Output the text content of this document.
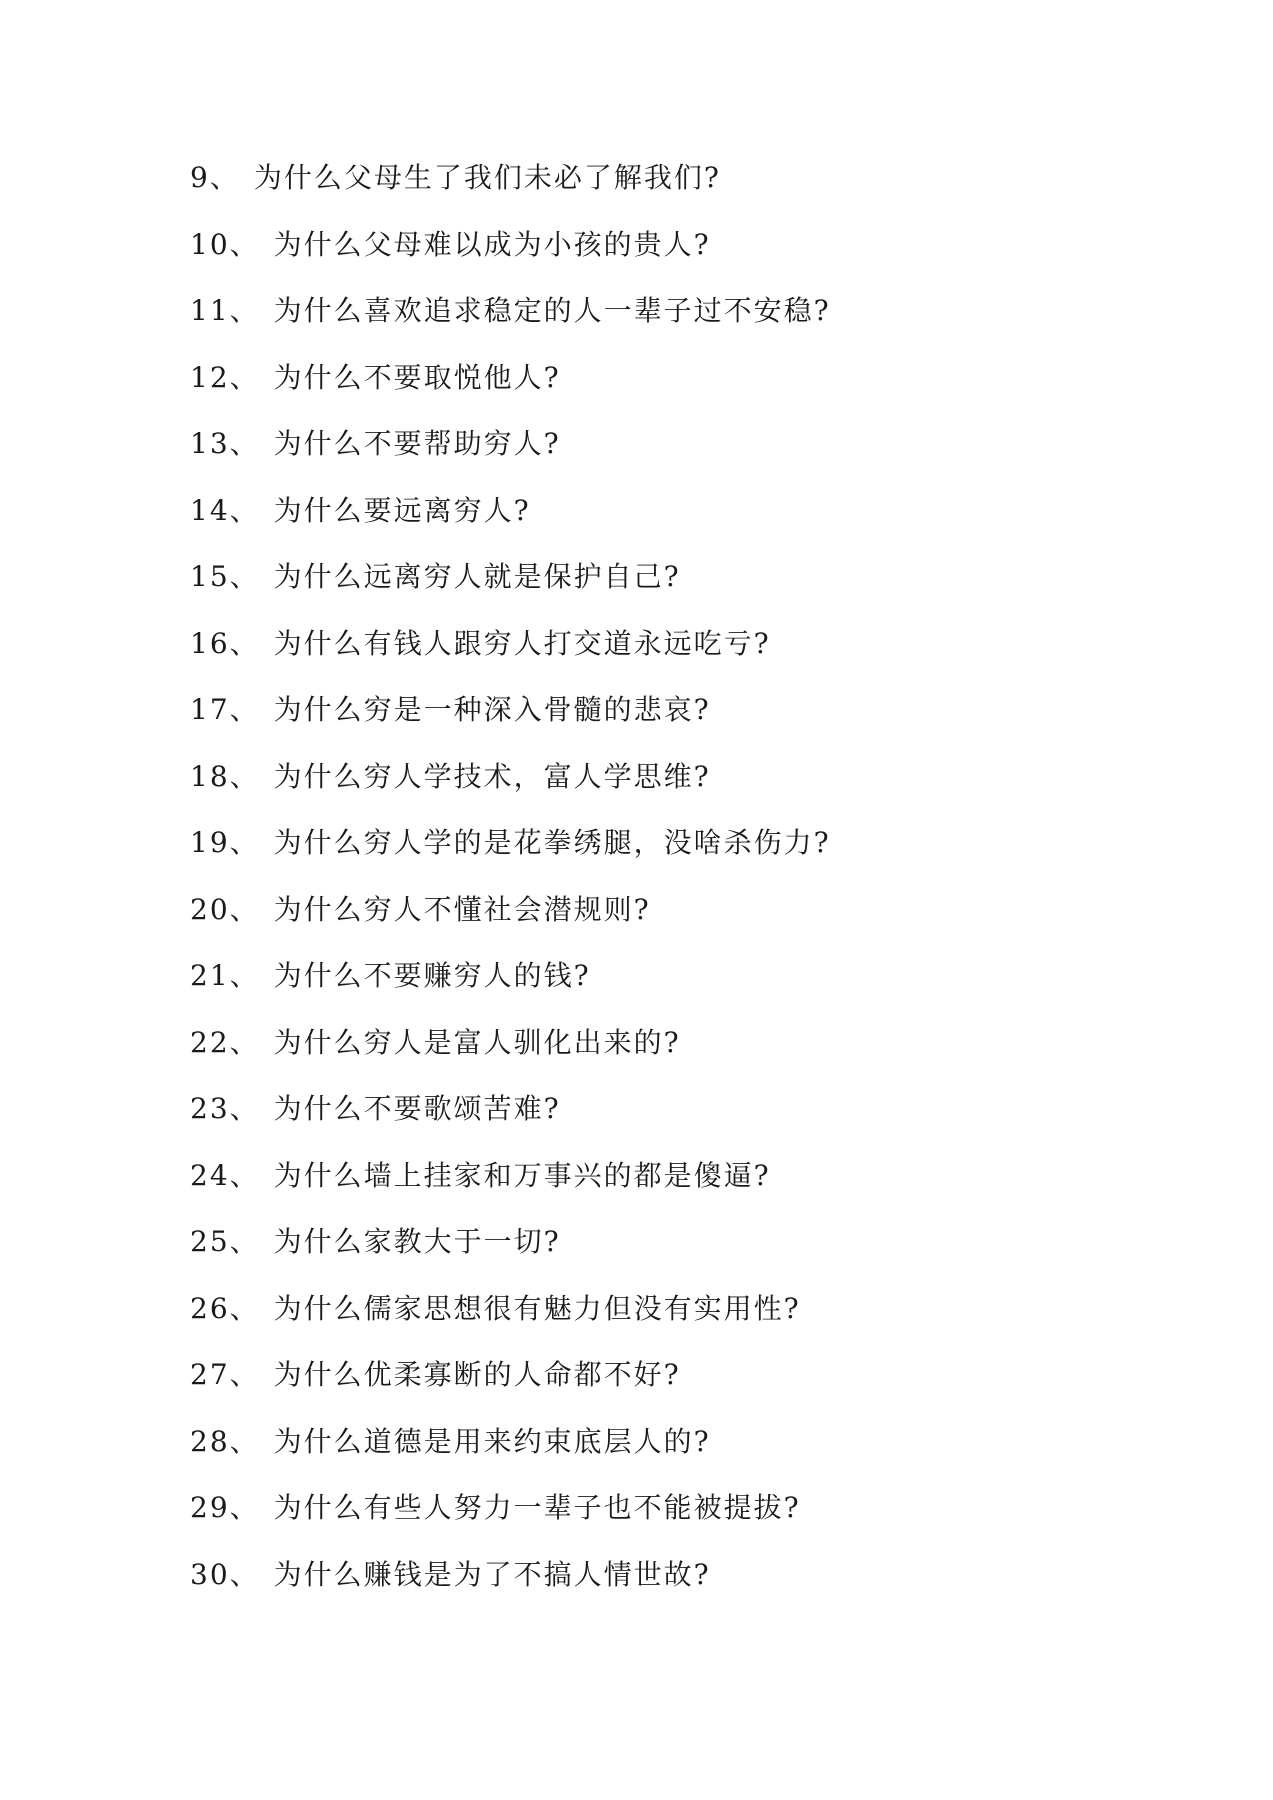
9、 为什么父母生了我们未必了解我们?
10、 为什么父母难以成为小孩的贵人?
11、 为什么喜欢追求稳定的人一辈子过不安稳?
12、 为什么不要取悦他人?
13、 为什么不要帮助穷人?
14、 为什么要远离穷人?
15、 为什么远离穷人就是保护自己?
16、 为什么有钱人跟穷人打交道永远吃亏?
17、 为什么穷是一种深入骨髓的悲哀?
18、 为什么穷人学技术，富人学思维?
19、 为什么穷人学的是花拳绣腿，没啥杀伤力?
20、 为什么穷人不懂社会潜规则?
21、 为什么不要赚穷人的钱?
22、 为什么穷人是富人驯化出来的?
23、 为什么不要歌颂苦难?
24、 为什么墙上挂家和万事兴的都是傻逼?
25、 为什么家教大于一切?
26、 为什么儒家思想很有魅力但没有实用性?
27、 为什么优柔寡断的人命都不好?
28、 为什么道德是用来约束底层人的?
29、 为什么有些人努力一辈子也不能被提拔?
30、 为什么赚钱是为了不搞人情世故?
